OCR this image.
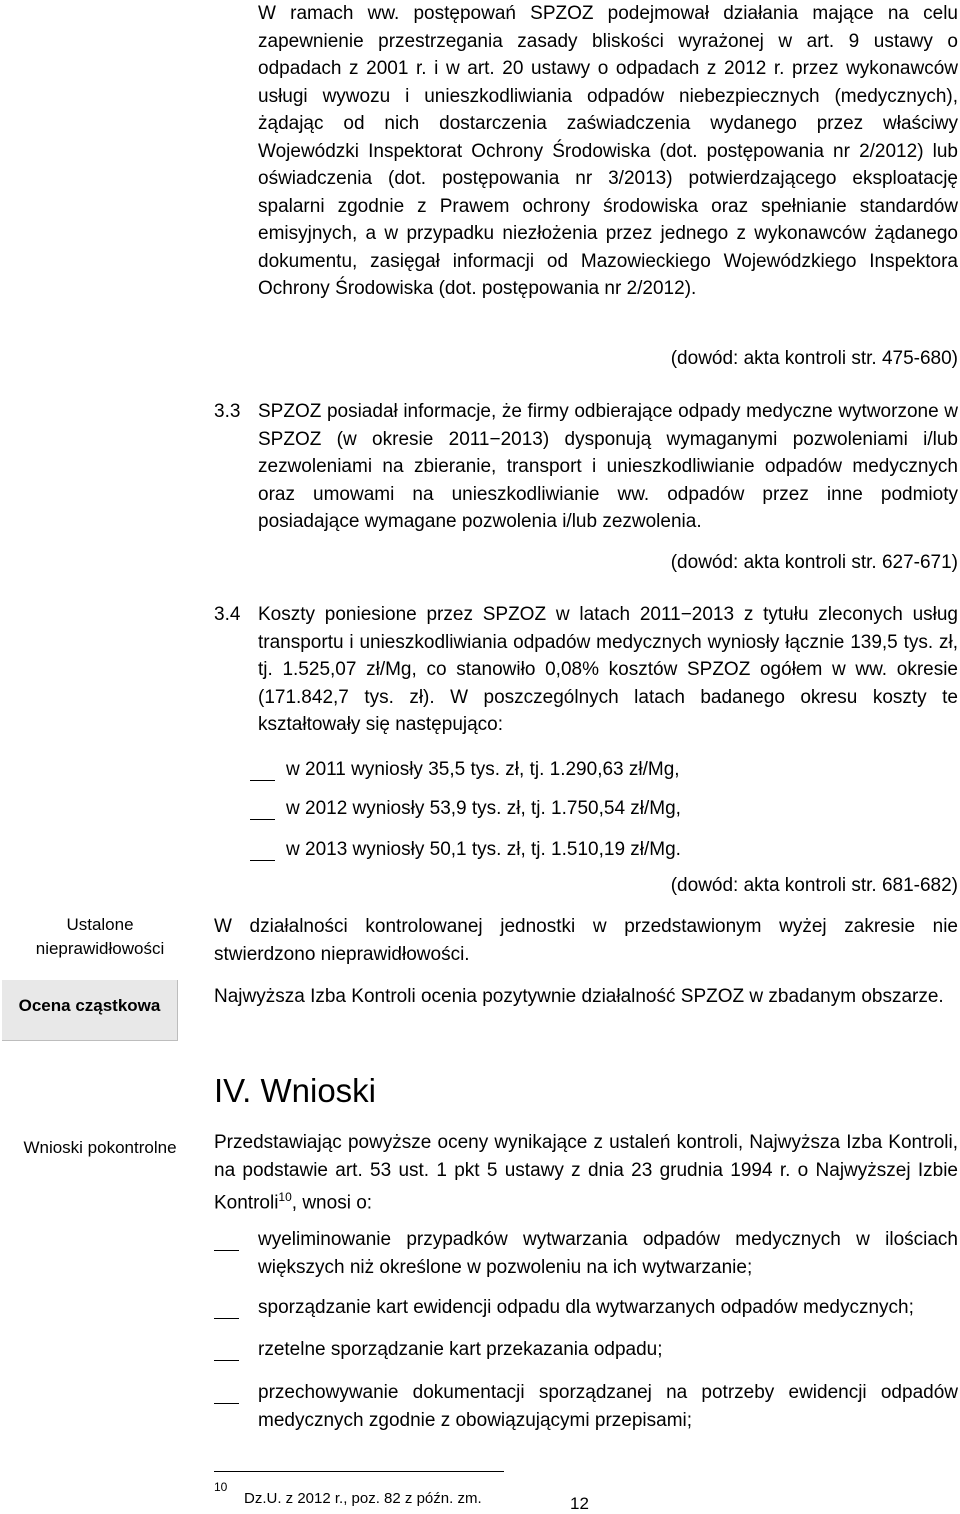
W ramach ww. postępowań SPZOZ podejmował działania mające na celu zapewnienie przestrzegania zasady bliskości wyrażonej w art. 9 ustawy o odpadach z 2001 r. i w art. 20 ustawy o odpadach z 2012 r. przez wykonawców usługi wywozu i unieszkodliwiania odpadów niebezpiecznych (medycznych), żądając od nich dostarczenia zaświadczenia wydanego przez właściwy Wojewódzki Inspektorat Ochrony Środowiska (dot. postępowania nr 2/2012) lub oświadczenia (dot. postępowania nr 3/2013) potwierdzającego eksploatację spalarni zgodnie z Prawem ochrony środowiska oraz spełnianie standardów emisyjnych, a w przypadku niezłożenia przez jednego z wykonawców żądanego dokumentu, zasięgał informacji od Mazowieckiego Wojewódzkiego Inspektora Ochrony Środowiska (dot. postępowania nr 2/2012).
(dowód: akta kontroli str. 475-680)
3.3 SPZOZ posiadał informacje, że firmy odbierające odpady medyczne wytworzone w SPZOZ (w okresie 2011−2013) dysponują wymaganymi pozwoleniami i/lub zezwoleniami na zbieranie, transport i unieszkodliwianie odpadów medycznych oraz umowami na unieszkodliwianie ww. odpadów przez inne podmioty posiadające wymagane pozwolenia i/lub zezwolenia.
(dowód: akta kontroli str. 627-671)
3.4 Koszty poniesione przez SPZOZ w latach 2011−2013 z tytułu zleconych usług transportu i unieszkodliwiania odpadów medycznych wyniosły łącznie 139,5 tys. zł, tj. 1.525,07 zł/Mg, co stanowiło 0,08% kosztów SPZOZ ogółem w ww. okresie (171.842,7 tys. zł). W poszczególnych latach badanego okresu koszty te kształtowały się następująco:
w 2011 wyniosły 35,5 tys. zł, tj. 1.290,63 zł/Mg,
w 2012 wyniosły 53,9 tys. zł, tj. 1.750,54 zł/Mg,
w 2013 wyniosły 50,1 tys. zł, tj. 1.510,19 zł/Mg.
(dowód: akta kontroli str. 681-682)
Ustalone nieprawidłowości
W działalności kontrolowanej jednostki w przedstawionym wyżej zakresie nie stwierdzono nieprawidłowości.
Ocena cząstkowa	Najwyższa Izba Kontroli ocenia pozytywnie działalność SPZOZ w zbadanym obszarze.
IV. Wnioski
Wnioski pokontrolne Przedstawiając powyższe oceny wynikające z ustaleń kontroli, Najwyższa Izba Kontroli, na podstawie art. 53 ust. 1 pkt 5 ustawy z dnia 23 grudnia 1994 r. o Najwyższej Izbie Kontroli$^{10}$, wnosi o:
wyeliminowanie przypadków wytwarzania odpadów medycznych w ilościach większych niż określone w pozwoleniu na ich wytwarzanie;
sporządzanie kart ewidencji odpadu dla wytwarzanych odpadów medycznych;
rzetelne sporządzanie kart przekazania odpadu;
przechowywanie dokumentacji sporządzanej na potrzeby ewidencji odpadów medycznych zgodnie z obowiązującymi przepisami;
10
Dz.U. z 2012 r., poz. 82 z późn. zm.	12
